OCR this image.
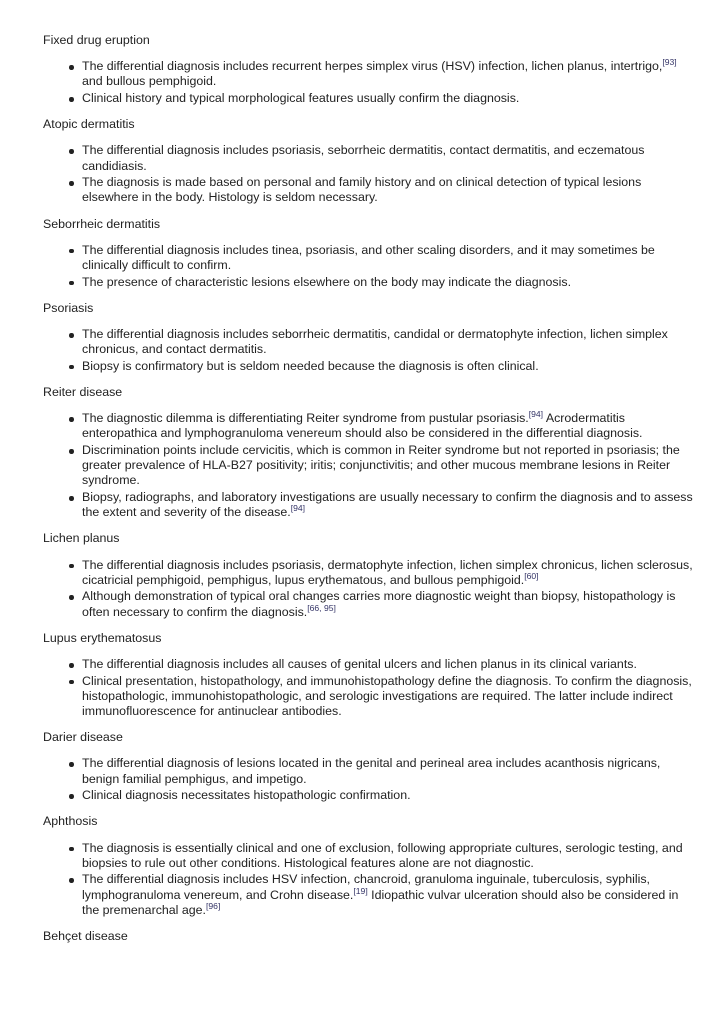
Fixed drug eruption
The differential diagnosis includes recurrent herpes simplex virus (HSV) infection, lichen planus, intertrigo,[93] and bullous pemphigoid.
Clinical history and typical morphological features usually confirm the diagnosis.
Atopic dermatitis
The differential diagnosis includes psoriasis, seborrheic dermatitis, contact dermatitis, and eczematous candidiasis.
The diagnosis is made based on personal and family history and on clinical detection of typical lesions elsewhere in the body. Histology is seldom necessary.
Seborrheic dermatitis
The differential diagnosis includes tinea, psoriasis, and other scaling disorders, and it may sometimes be clinically difficult to confirm.
The presence of characteristic lesions elsewhere on the body may indicate the diagnosis.
Psoriasis
The differential diagnosis includes seborrheic dermatitis, candidal or dermatophyte infection, lichen simplex chronicus, and contact dermatitis.
Biopsy is confirmatory but is seldom needed because the diagnosis is often clinical.
Reiter disease
The diagnostic dilemma is differentiating Reiter syndrome from pustular psoriasis.[94] Acrodermatitis enteropathica and lymphogranuloma venereum should also be considered in the differential diagnosis.
Discrimination points include cervicitis, which is common in Reiter syndrome but not reported in psoriasis; the greater prevalence of HLA-B27 positivity; iritis; conjunctivitis; and other mucous membrane lesions in Reiter syndrome.
Biopsy, radiographs, and laboratory investigations are usually necessary to confirm the diagnosis and to assess the extent and severity of the disease.[94]
Lichen planus
The differential diagnosis includes psoriasis, dermatophyte infection, lichen simplex chronicus, lichen sclerosus, cicatricial pemphigoid, pemphigus, lupus erythematous, and bullous pemphigoid.[60]
Although demonstration of typical oral changes carries more diagnostic weight than biopsy, histopathology is often necessary to confirm the diagnosis.[66, 95]
Lupus erythematosus
The differential diagnosis includes all causes of genital ulcers and lichen planus in its clinical variants.
Clinical presentation, histopathology, and immunohistopathology define the diagnosis. To confirm the diagnosis, histopathologic, immunohistopathologic, and serologic investigations are required. The latter include indirect immunofluorescence for antinuclear antibodies.
Darier disease
The differential diagnosis of lesions located in the genital and perineal area includes acanthosis nigricans, benign familial pemphigus, and impetigo.
Clinical diagnosis necessitates histopathologic confirmation.
Aphthosis
The diagnosis is essentially clinical and one of exclusion, following appropriate cultures, serologic testing, and biopsies to rule out other conditions. Histological features alone are not diagnostic.
The differential diagnosis includes HSV infection, chancroid, granuloma inguinale, tuberculosis, syphilis, lymphogranuloma venereum, and Crohn disease.[19] Idiopathic vulvar ulceration should also be considered in the premenarchal age.[96]
Behçet disease
